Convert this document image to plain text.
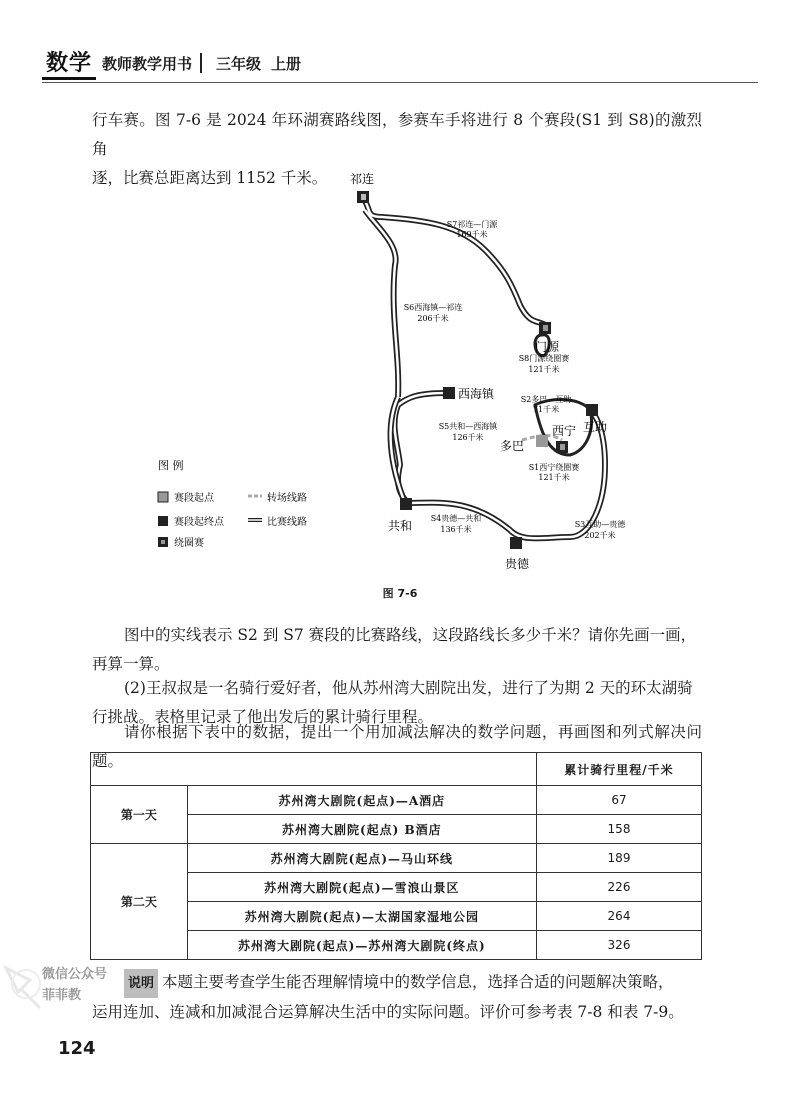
数学 教师教学用书 三年级 上册
行车赛。图 7-6 是 2024 年环湖赛路线图，参赛车手将进行 8 个赛段(S1 到 S8)的激烈角
逐，比赛总距离达到 1152 千米。	祁连
门源
西海镇
互助
西宁
多巴
共和
贵德
S7祁连—门源
169千米
S6西海镇—祁连
206千米
S8门源绕圈赛
121千米
S2多巴—互助
71千米
S5共和—西海镇
126千米
S1西宁绕圈赛
121千米
S4贵德—共和
136千米
S3互助—贵德
202千米
图 例
赛段起点	转场线路
赛段起终点	比赛线路
绕圈赛
图 7-6
图中的实线表示 S2 到 S7 赛段的比赛路线，这段路线长多少千米？请你先画一画，
再算一算。
(2)王叔叔是一名骑行爱好者，他从苏州湾大剧院出发，进行了为期 2 天的环太湖骑
行挑战。表格里记录了他出发后的累计骑行里程。
请你根据下表中的数据，提出一个用加减法解决的数学问题，再画图和列式解决问题。
		累计骑行里程/千米
第一天	苏州湾大剧院(起点)—A酒店	67
	苏州湾大剧院(起点) B酒店	158
第二天	苏州湾大剧院(起点)—马山环线	189
	苏州湾大剧院(起点)—雪浪山景区	226
	苏州湾大剧院(起点)—太湖国家湿地公园	264
	苏州湾大剧院(起点)—苏州湾大剧院(终点)	326
微信公众号
菲菲教
说明 本题主要考查学生能否理解情境中的数学信息，选择合适的问题解决策略，
运用连加、连减和加减混合运算解决生活中的实际问题。评价可参考表 7-8 和表 7-9。
124
